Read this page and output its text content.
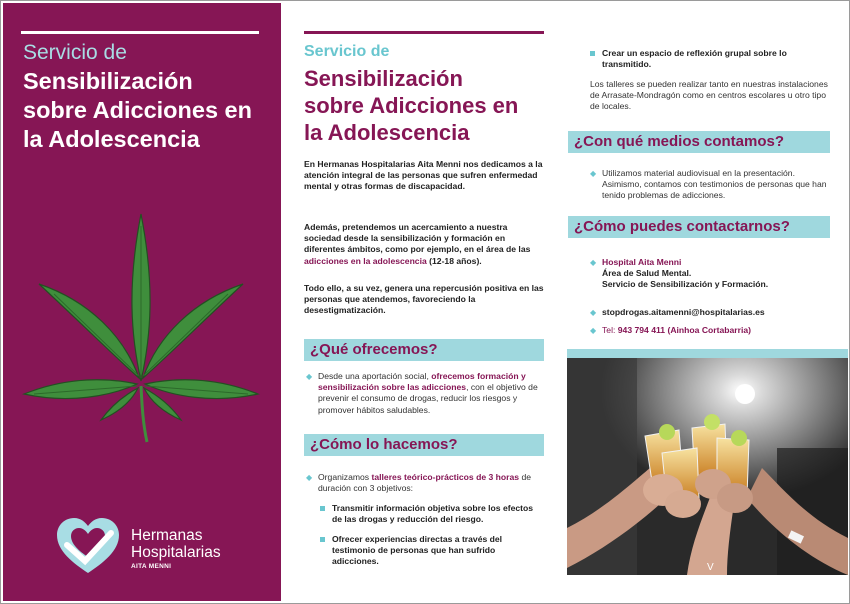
Servicio de
Sensibilización
sobre Adicciones en
la Adolescencia
Hermanas
Hospitalarias
AITA MENNI
Servicio de
Sensibilización
sobre Adicciones en
la Adolescencia
En Hermanas Hospitalarias Aita Menni nos dedicamos a la atención integral de las personas que sufren enfermedad mental y otras formas de discapacidad.
Además, pretendemos un acercamiento a nuestra sociedad desde la sensibilización y formación en diferentes ámbitos, como por ejemplo, en el área de las adicciones en la adolescencia (12-18 años).
Todo ello, a su vez, genera una repercusión positiva en las personas que atendemos, favoreciendo la desestigmatización.
¿Qué ofrecemos?
◆ Desde una aportación social, ofrecemos formación y sensibilización sobre las adicciones, con el objetivo de prevenir el consumo de drogas, reducir los riesgos y promover hábitos saludables.
¿Cómo lo hacemos?
◆ Organizamos talleres teórico-prácticos de 3 horas de duración con 3 objetivos:
Transmitir información objetiva sobre los efectos de las drogas y reducción del riesgo.
Ofrecer experiencias directas a través del testimonio de personas que han sufrido adicciones.
Crear un espacio de reflexión grupal sobre lo transmitido.
Los talleres se pueden realizar tanto en nuestras instalaciones de Arrasate-Mondragón como en centros escolares u otro tipo de locales.
¿Con qué medios contamos?
◆ Utilizamos material audiovisual en la presentación. Asimismo, contamos con testimonios de personas que han tenido problemas de adicciones.
¿Cómo puedes contactarnos?
◆ Hospital Aita Menni
Área de Salud Mental.
Servicio de Sensibilización y Formación.
◆ stopdrogas.aitamenni@hospitalarias.es
◆ Tel: 943 794 411 (Ainhoa Cortabarria)
V
